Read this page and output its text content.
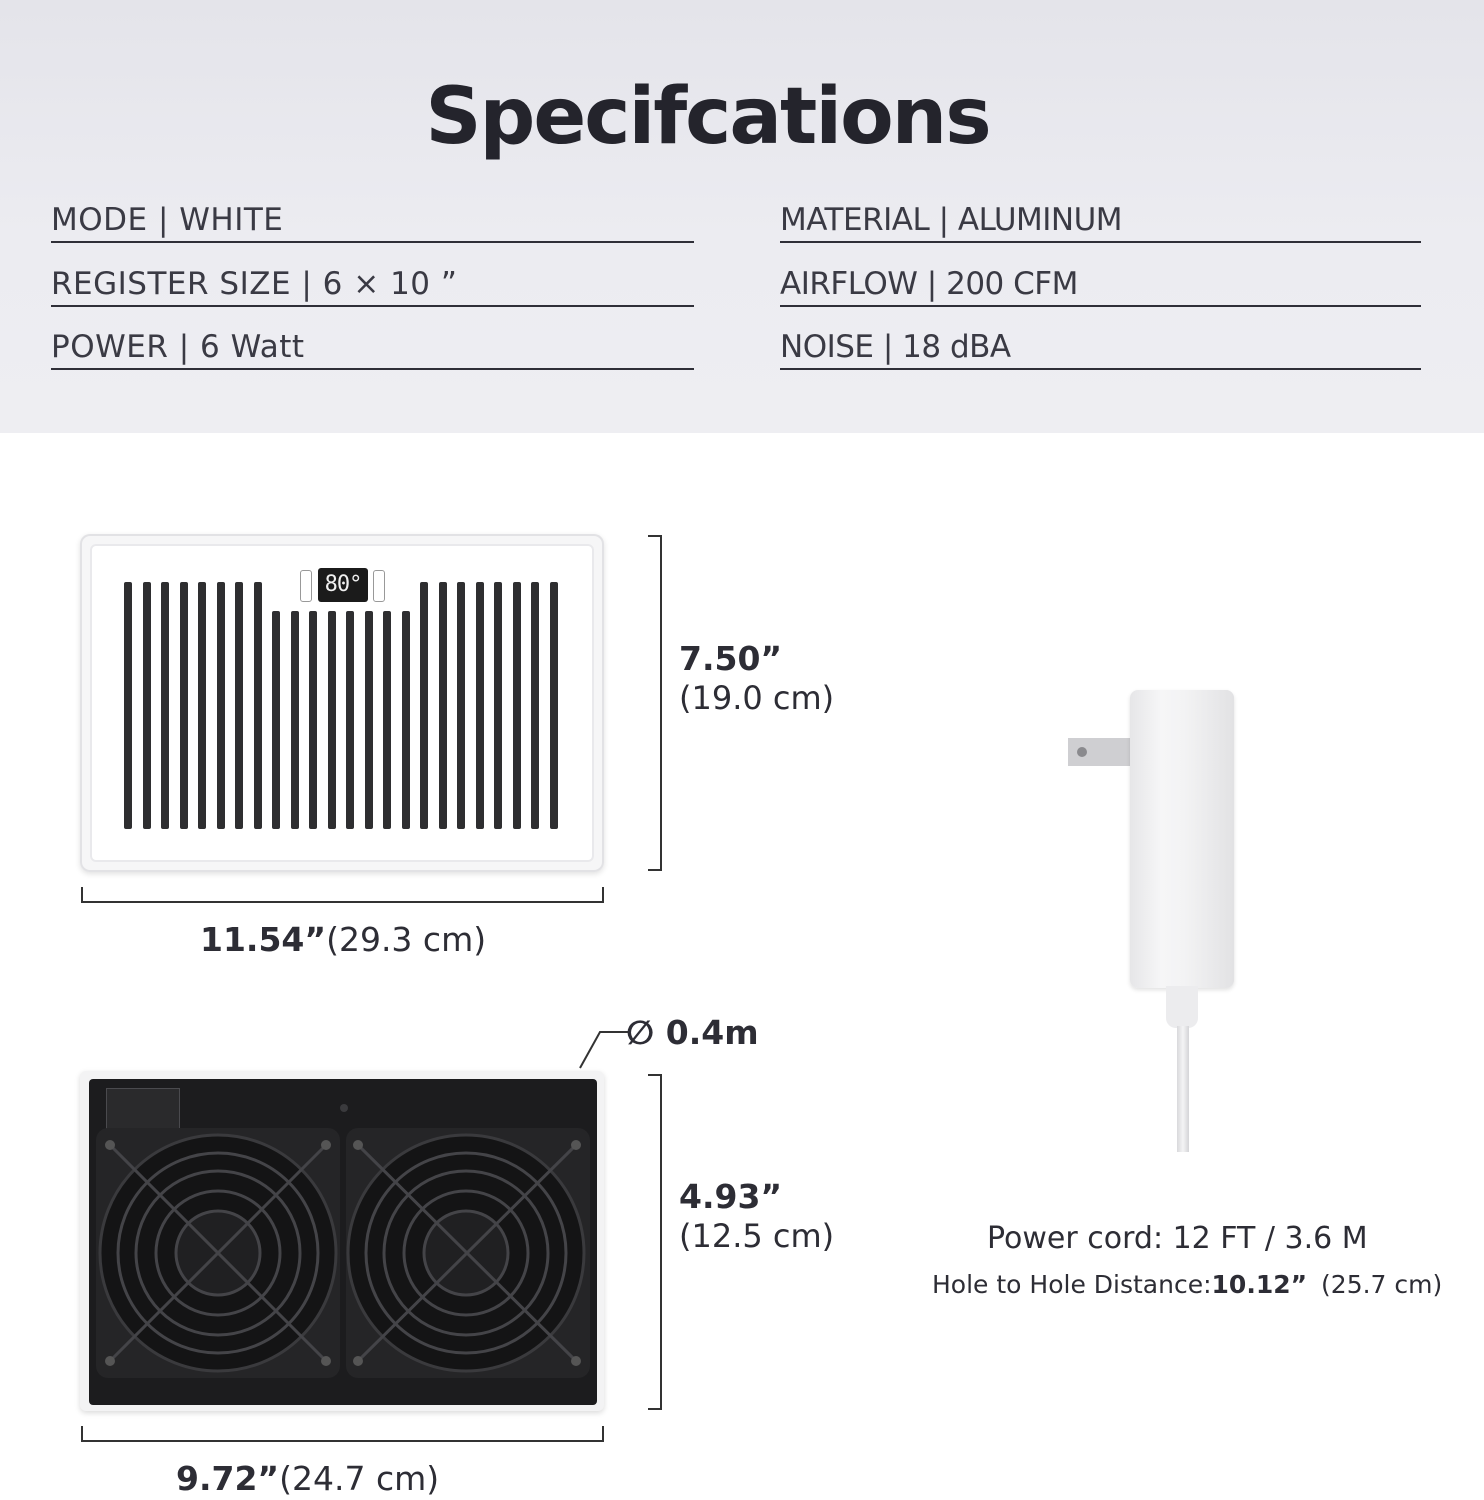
Specifcations
MODE | WHITE
REGISTER SIZE | 6 × 10 ”
POWER | 6 Watt
MATERIAL | ALUMINUM
AIRFLOW | 200 CFM
NOISE | 18 dBA
80°
7.50”
(19.0 cm)
11.54”(29.3 cm)
∅ 0.4m
4.93”
(12.5 cm)
9.72”(24.7 cm)
Power cord: 12 FT / 3.6 M
Hole to Hole Distance:10.12” (25.7 cm)
